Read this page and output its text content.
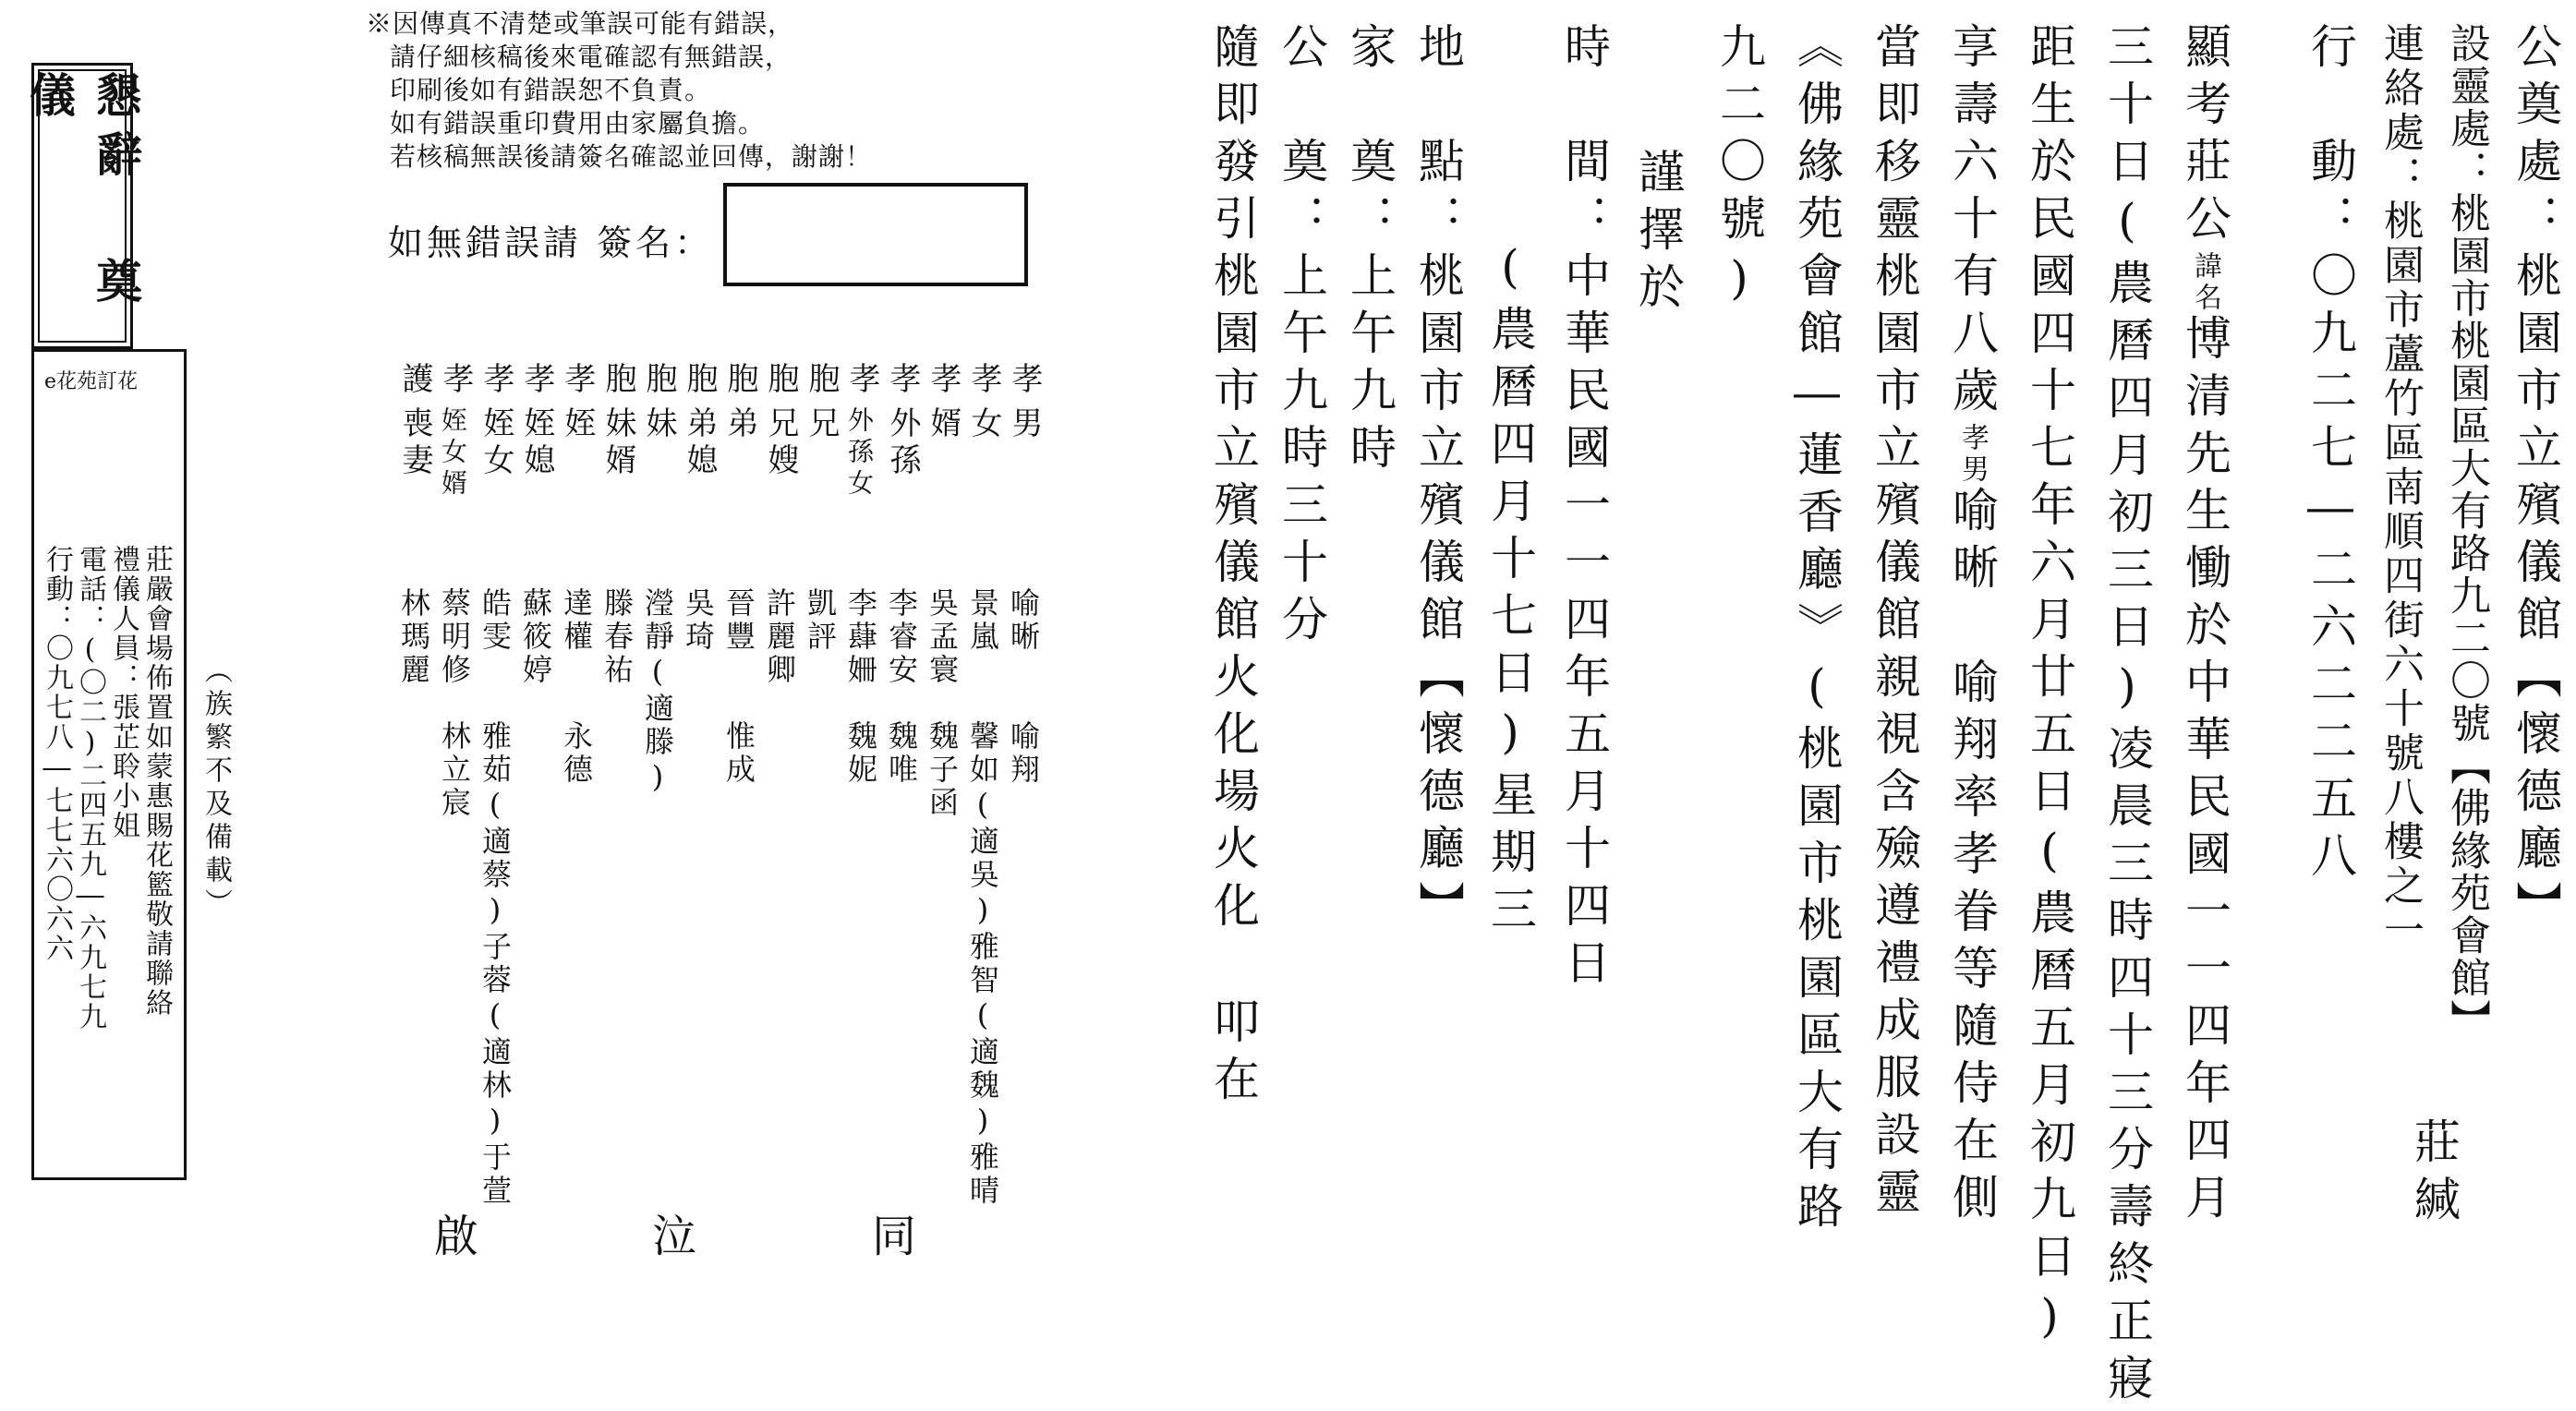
※因傳真不清楚或筆誤可能有錯誤，
請仔細核稿後來電確認有無錯誤，
印刷後如有錯誤恕不負責。
如有錯誤重印費用由家屬負擔。
若核稿無誤後請簽名確認並回傳，謝謝！
如無錯誤請 簽名：
懇辭 奠儀
e花苑訂花
莊嚴會場佈置如蒙惠賜花籃敬請聯絡
禮儀人員：張芷聆小姐
電話：(〇二)二四五九―六九七九
行動：〇九七八―七七六〇六六
孝
男
喻晰　　喻翔
孝
女
景嵐　　馨如(適吳)雅智(適魏)雅晴
孝
婿
吳孟寰　魏子函
孝
外孫
李睿安　魏唯
孝
外孫女
李蕼姍　魏妮
胞
兄
凱評
胞
兄嫂
許麗卿
胞
弟
晉豐　　惟成
胞
弟媳
吳琦
胞
妹
瀅靜(適滕)
胞
妹婿
滕春祐
孝
姪
達權　　永德
孝
姪媳
蘇筱婷
孝
姪女
皓雯　　雅茹(適蔡)子蓉(適林)于萱
孝
姪女婿
蔡明修　林立宸
護
喪妻
林瑪麗
（族繁不及備載）
啟	泣	同
公奠處：桃園市立殯儀館【懷德廳】
設靈處：桃園市桃園區大有路九二〇號【佛緣苑會館】
連絡處：桃園市蘆竹區南順四街六十號八樓之一
行　動：〇九二七―二六二二五八
莊緘
顯考莊公諱名博清先生慟於中華民國一一四年四月
三十日(農曆四月初三日)凌晨三時四十三分壽終正寢
距生於民國四十七年六月廿五日(農曆五月初九日)
享壽六十有八歲孝男喻晰　喻翔率孝眷等隨侍在側
當即移靈桃園市立殯儀館親視含殮遵禮成服設靈
《佛緣苑會館―蓮香廳》(桃園市桃園區大有路
九二〇號)
謹擇於
時　間：中華民國一一四年五月十四日
(農曆四月十七日)星期三
地　點：桃園市立殯儀館【懷德廳】
家　奠：上午九時
公　奠：上午九時三十分
隨即發引桃園市立殯儀館火化場火化
叩在
